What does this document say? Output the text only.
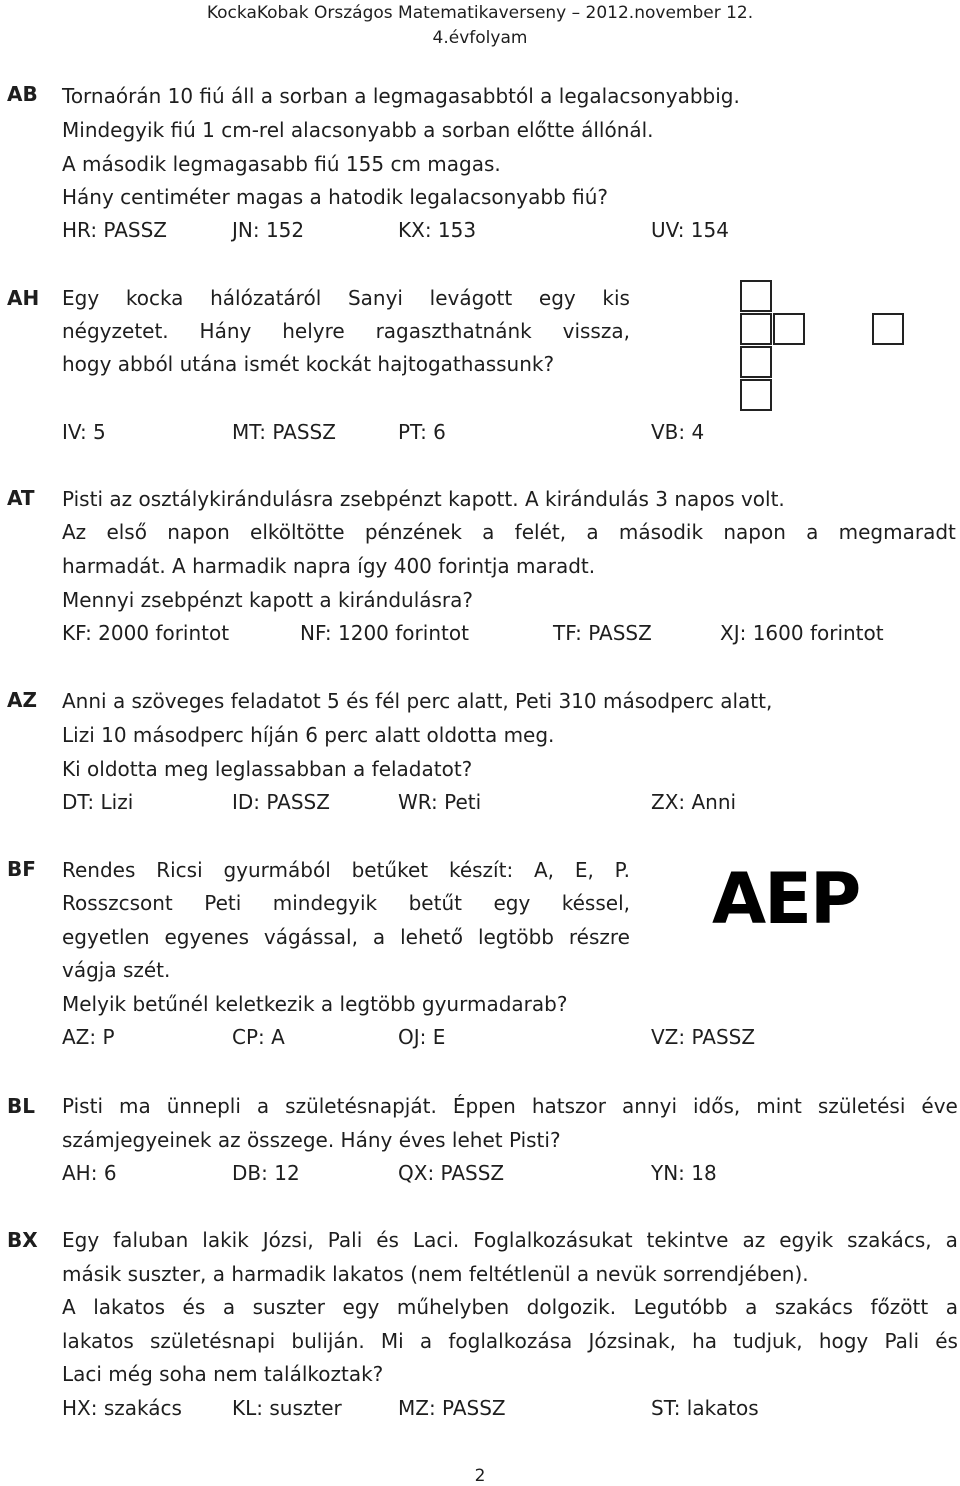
KockaKobak Országos Matematikaverseny – 2012.november 12.
4.évfolyam
AB Tornaórán 10 fiú áll a sorban a legmagasabbtól a legalacsonyabbig.
Mindegyik fiú 1 cm-rel alacsonyabb a sorban előtte állónál.
A második legmagasabb fiú 155 cm magas.
Hány centiméter magas a hatodik legalacsonyabb fiú?
HR: PASSZ	JN: 152	KX: 153	UV: 154
AH Egy kocka hálózatáról Sanyi levágott egy kis
négyzetet. Hány helyre ragaszthatnánk vissza,
hogy abból utána ismét kockát hajtogathassunk?
IV: 5	MT: PASSZ	PT: 6	VB: 4
AT Pisti az osztálykirándulásra zsebpénzt kapott. A kirándulás 3 napos volt.
Az első napon elköltötte pénzének a felét, a második napon a megmaradt
harmadát. A harmadik napra így 400 forintja maradt.
Mennyi zsebpénzt kapott a kirándulásra?
KF: 2000 forintot	NF: 1200 forintot	TF: PASSZ	XJ: 1600 forintot
AZ Anni a szöveges feladatot 5 és fél perc alatt, Peti 310 másodperc alatt,
Lizi 10 másodperc híján 6 perc alatt oldotta meg.
Ki oldotta meg leglassabban a feladatot?
DT: Lizi	ID: PASSZ	WR: Peti	ZX: Anni
BF Rendes Ricsi gyurmából betűket készít: A, E, P.
Rosszcsont Peti mindegyik betűt egy késsel,
egyetlen egyenes vágással, a lehető legtöbb részre
vágja szét.
Melyik betűnél keletkezik a legtöbb gyurmadarab?
AZ: P	CP: A	OJ: E	VZ: PASSZ
AEP
BL Pisti ma ünnepli a születésnapját. Éppen hatszor annyi idős, mint születési éve
számjegyeinek az összege. Hány éves lehet Pisti?
AH: 6	DB: 12	QX: PASSZ	YN: 18
BX Egy faluban lakik Józsi, Pali és Laci. Foglalkozásukat tekintve az egyik szakács, a
másik suszter, a harmadik lakatos (nem feltétlenül a nevük sorrendjében).
A lakatos és a suszter egy műhelyben dolgozik. Legutóbb a szakács főzött a
lakatos születésnapi buliján. Mi a foglalkozása Józsinak, ha tudjuk, hogy Pali és
Laci még soha nem találkoztak?
HX: szakács	KL: suszter	MZ: PASSZ	ST: lakatos
2
